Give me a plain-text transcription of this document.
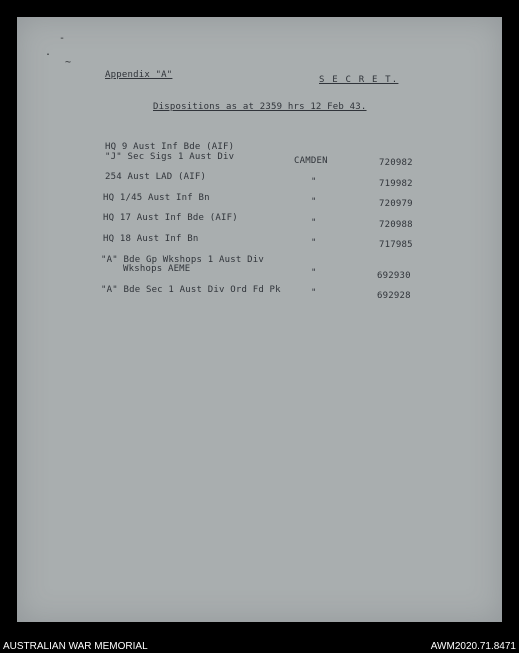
-
.
~
Appendix "A"	S E C R E T.
Dispositions as at 2359 hrs 12 Feb 43.
HQ 9 Aust Inf Bde (AIF)
"J" Sec Sigs 1 Aust Div	CAMDEN	720982
254 Aust LAD (AIF)	"	719982
HQ 1/45 Aust Inf Bn	"	720979
HQ 17 Aust Inf Bde (AIF)	"	720988
HQ 18 Aust Inf Bn	"	717985
"A" Bde Gp Wkshops 1 Aust Div
Wkshops AEME	"	692930
"A" Bde Sec 1 Aust Div Ord Fd Pk	"	692928
AUSTRALIAN WAR MEMORIAL	AWM2020.71.8471
